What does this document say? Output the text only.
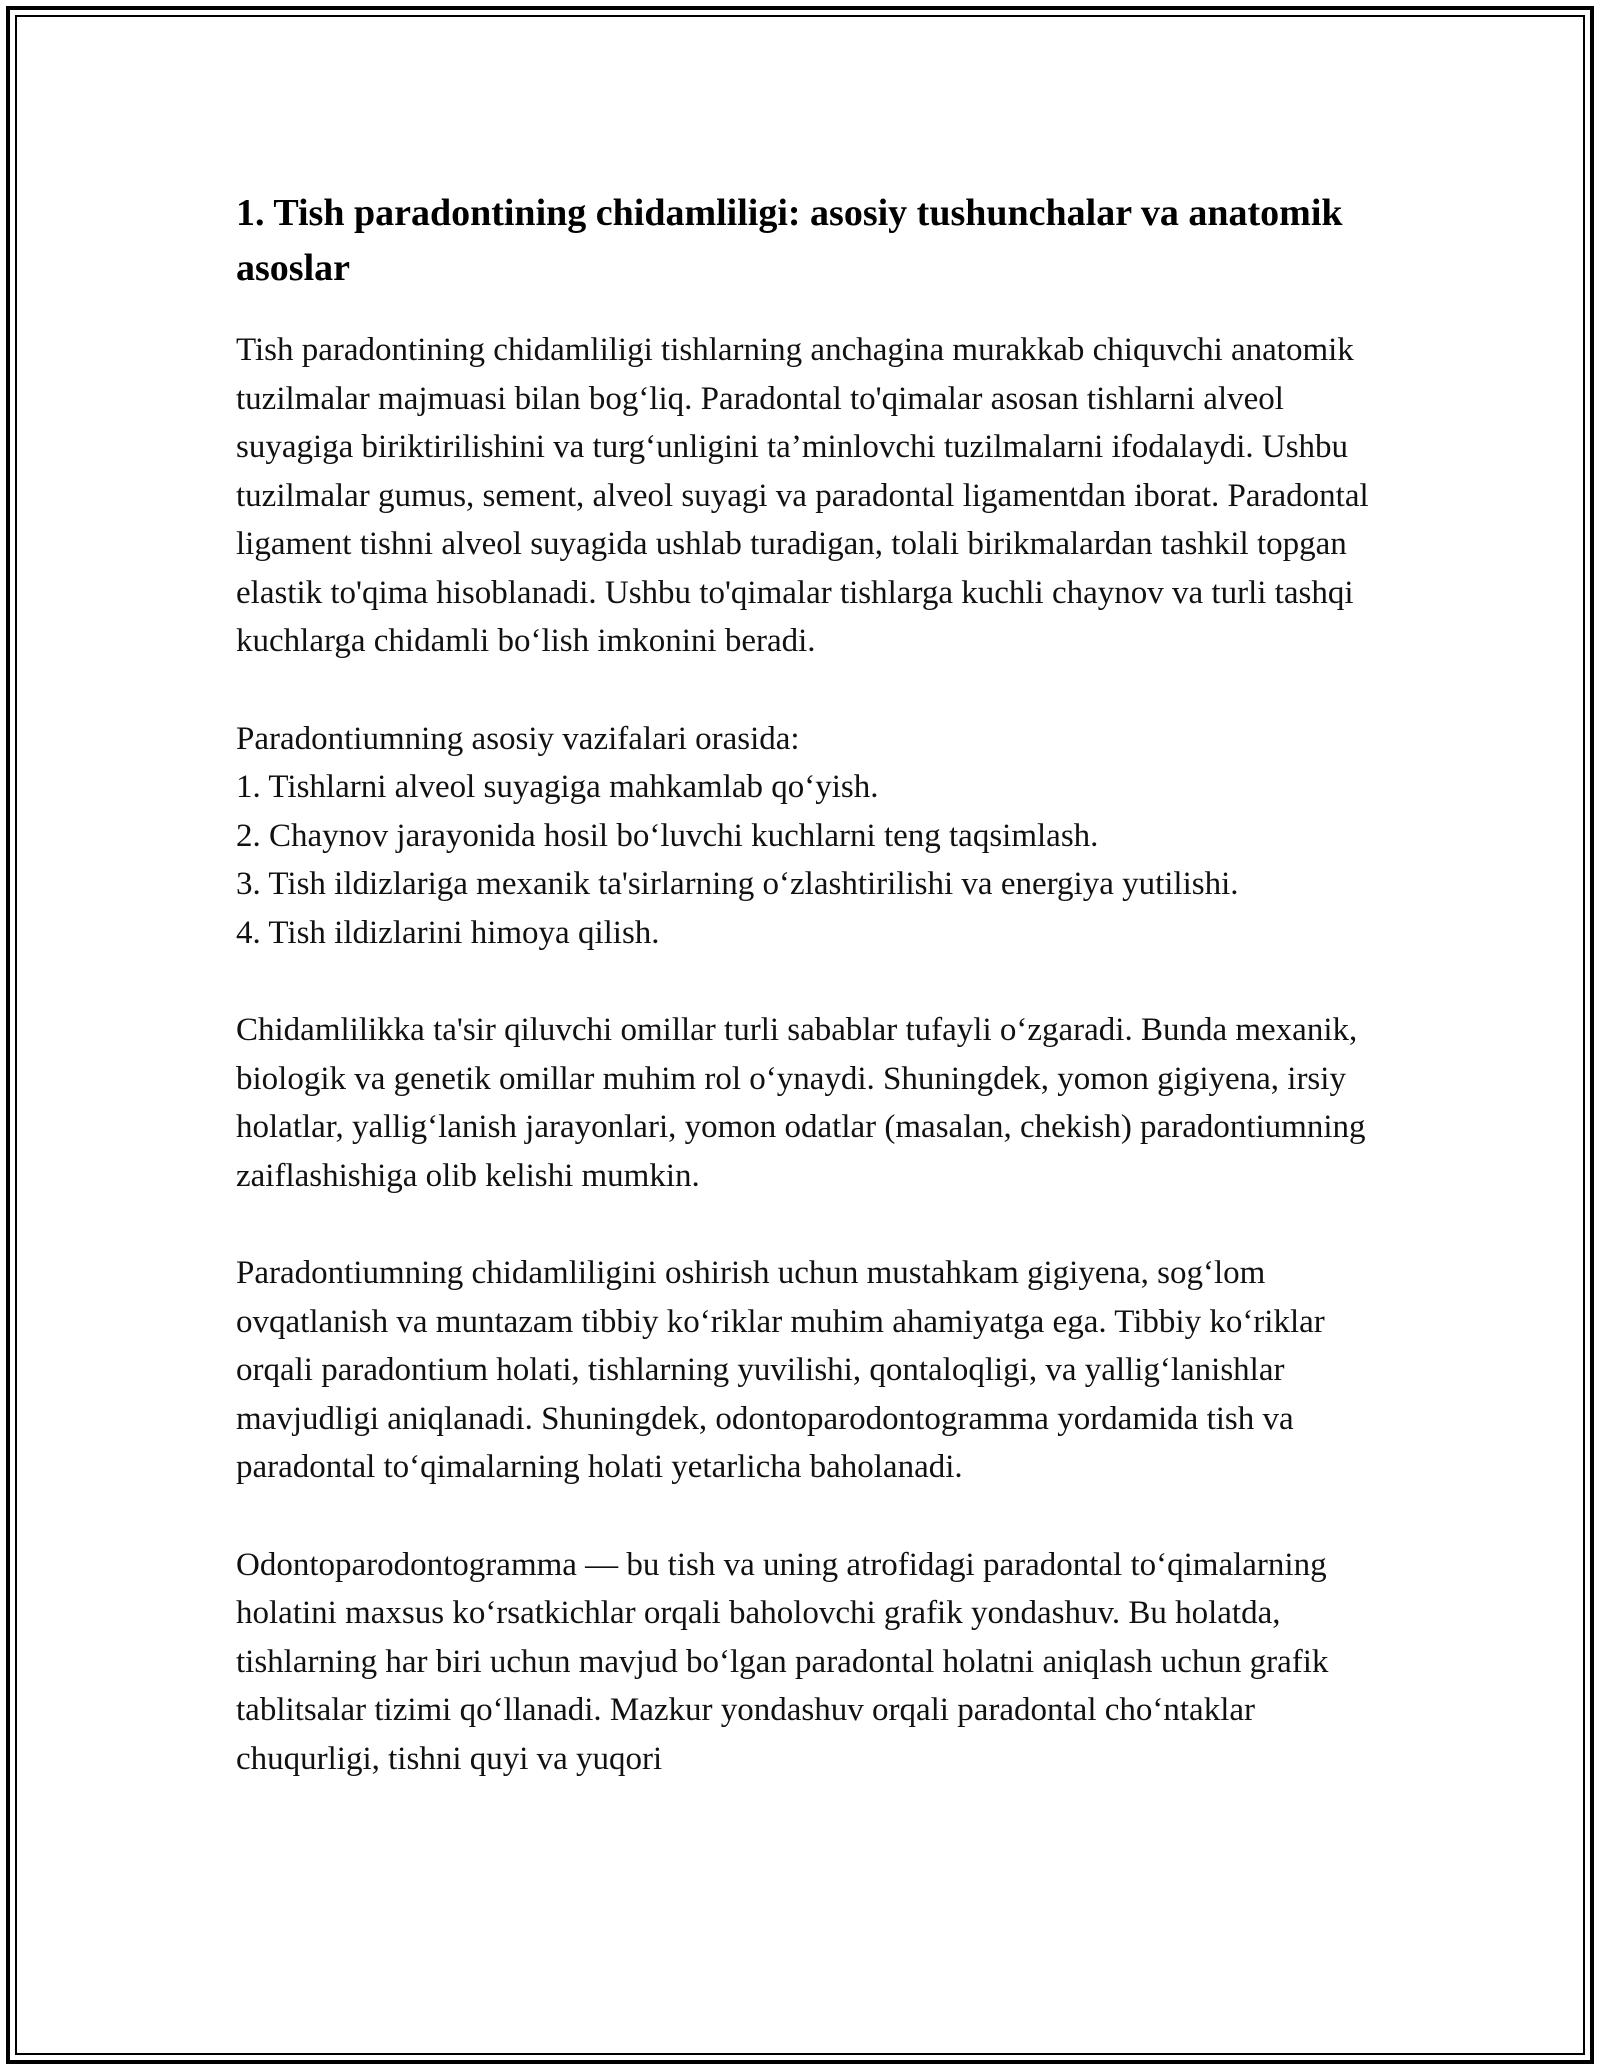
1. Tish paradontining chidamliligi: asosiy tushunchalar va anatomik asoslar

Tish paradontining chidamliligi tishlarning anchagina murakkab chiquvchi anatomik tuzilmalar majmuasi bilan bog‘liq. Paradontal to'qimalar asosan tishlarni alveol suyagiga biriktirilishini va turg‘unligini ta’minlovchi tuzilmalarni ifodalaydi. Ushbu tuzilmalar gumus, sement, alveol suyagi va paradontal ligamentdan iborat. Paradontal ligament tishni alveol suyagida ushlab turadigan, tolali birikmalardan tashkil topgan elastik to'qima hisoblanadi. Ushbu to'qimalar tishlarga kuchli chaynov va turli tashqi kuchlarga chidamli bo‘lish imkonini beradi.

Paradontiumning asosiy vazifalari orasida:

1. Tishlarni alveol suyagiga mahkamlab qo‘yish.
2. Chaynov jarayonida hosil bo‘luvchi kuchlarni teng taqsimlash.
3. Tish ildizlariga mexanik ta'sirlarning o‘zlashtirilishi va energiya yutilishi.
4. Tish ildizlarini himoya qilish.

Chidamlilikka ta'sir qiluvchi omillar turli sabablar tufayli o‘zgaradi. Bunda mexanik, biologik va genetik omillar muhim rol o‘ynaydi. Shuningdek, yomon gigiyena, irsiy holatlar, yallig‘lanish jarayonlari, yomon odatlar (masalan, chekish) paradontiumning zaiflashishiga olib kelishi mumkin.

Paradontiumning chidamliligini oshirish uchun mustahkam gigiyena, sog‘lom ovqatlanish va muntazam tibbiy ko‘riklar muhim ahamiyatga ega. Tibbiy ko‘riklar orqali paradontium holati, tishlarning yuvilishi, qontaloqligi, va yallig‘lanishlar mavjudligi aniqlanadi. Shuningdek, odontoparodontogramma yordamida tish va paradontal to‘qimalarning holati yetarlicha baholanadi.

Odontoparodontogramma — bu tish va uning atrofidagi paradontal to‘qimalarning holatini maxsus ko‘rsatkichlar orqali baholovchi grafik yondashuv. Bu holatda, tishlarning har biri uchun mavjud bo‘lgan paradontal holatni aniqlash uchun grafik tablitsalar tizimi qo‘llanadi. Mazkur yondashuv orqali paradontal cho‘ntaklar chuqurligi, tishni quyi va yuqori
